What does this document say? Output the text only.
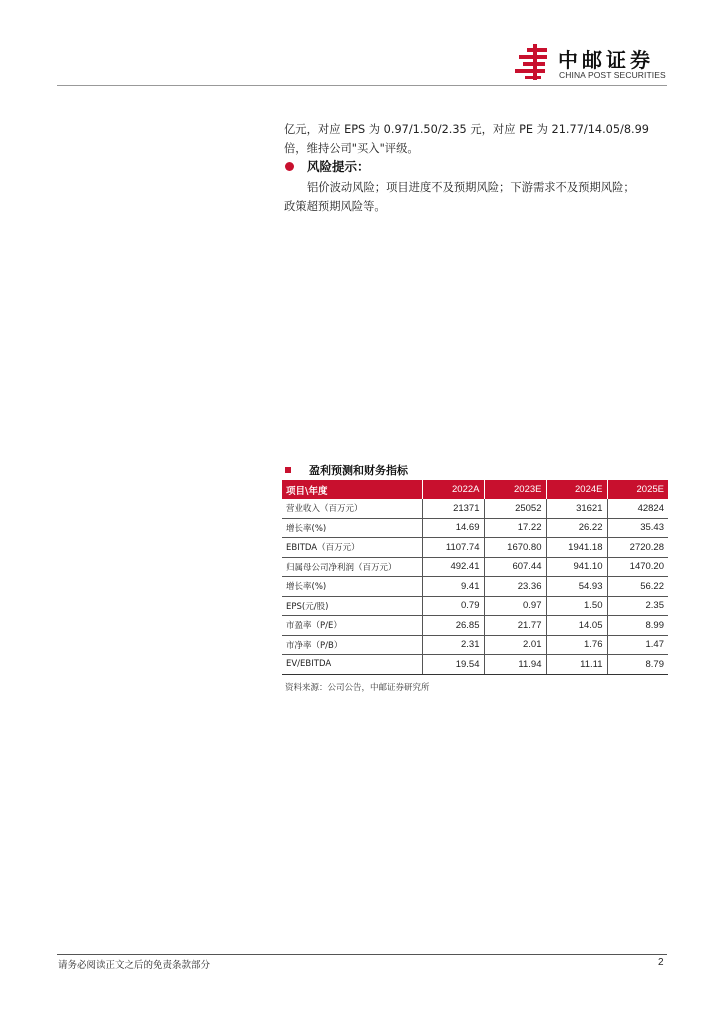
中邮证券
CHINA POST SECURITIES
亿元，对应 EPS 为 0.97/1.50/2.35 元，对应 PE 为 21.77/14.05/8.99
倍，维持公司"买入"评级。
风险提示：
铝价波动风险；项目进度不及预期风险；下游需求不及预期风险；
政策超预期风险等。
盈利预测和财务指标
项目\年度	2022A	2023E	2024E	2025E
营业收入（百万元）	21371	25052	31621	42824
增长率(%)	14.69	17.22	26.22	35.43
EBITDA（百万元）	1107.74	1670.80	1941.18	2720.28
归属母公司净利润（百万元）	492.41	607.44	941.10	1470.20
增长率(%)	9.41	23.36	54.93	56.22
EPS(元/股)	0.79	0.97	1.50	2.35
市盈率（P/E）	26.85	21.77	14.05	8.99
市净率（P/B）	2.31	2.01	1.76	1.47
EV/EBITDA	19.54	11.94	11.11	8.79
资料来源：公司公告，中邮证券研究所
请务必阅读正文之后的免责条款部分	2
